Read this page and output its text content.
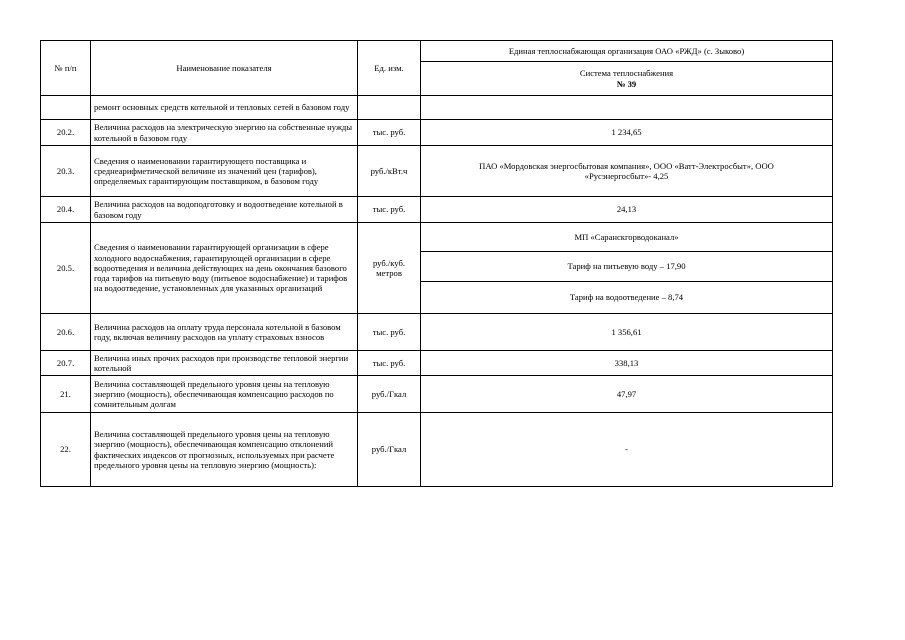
№ п/п	Наименование показателя	Ед. изм.	Единая теплоснабжающая организация ОАО «РЖД» (с. Зыково)

			Система теплоснабжения
№ 39

	ремонт основных средств котельной и тепловых сетей в базовом году		
20.2.	Величина расходов на электрическую энергию на собственные нужды котельной в базовом году	тыс. руб.	1 234,65
20.3.	Сведения о наименовании гарантирующего поставщика и среднеарифметической величине из значений цен (тарифов), определяемых гарантирующим поставщиком, в базовом году	руб./кВт.ч	ПАО «Мордовская энергосбытовая компания», ООО «Ватт-Электросбыт», ООО «Русэнергосбыт»- 4,25
20.4.	Величина расходов на водоподготовку и водоотведение котельной в базовом году	тыс. руб.	24,13
20.5.	Сведения о наименовании гарантирующей организации в сфере холодного водоснабжения, гарантирующей организации в сфере водоотведения и величина действующих на день окончания базового года тарифов на питьевую воду (питьевое водоснабжение) и тарифов на водоотведение, установленных для указанных организаций	руб./куб. метров	МП «Саранскгорводоканал»
			Тариф на питьевую воду – 17,90
			Тариф на водоотведение – 8,74
20.6.	Величина расходов на оплату труда персонала котельной в базовом году, включая величину расходов на уплату страховых взносов	тыс. руб.	1 356,61
20.7.	Величина иных прочих расходов при производстве тепловой энергии котельной	тыс. руб.	338,13
21.	Величина составляющей предельного уровня цены на тепловую энергию (мощность), обеспечивающая компенсацию расходов по сомнительным долгам	руб./Гкал	47,97
22.	Величина составляющей предельного уровня цены на тепловую энергию (мощность), обеспечивающая компенсацию отклонений фактических индексов от прогнозных, используемых при расчете предельного уровня цены на тепловую энергию (мощность):	руб./Гкал	-
